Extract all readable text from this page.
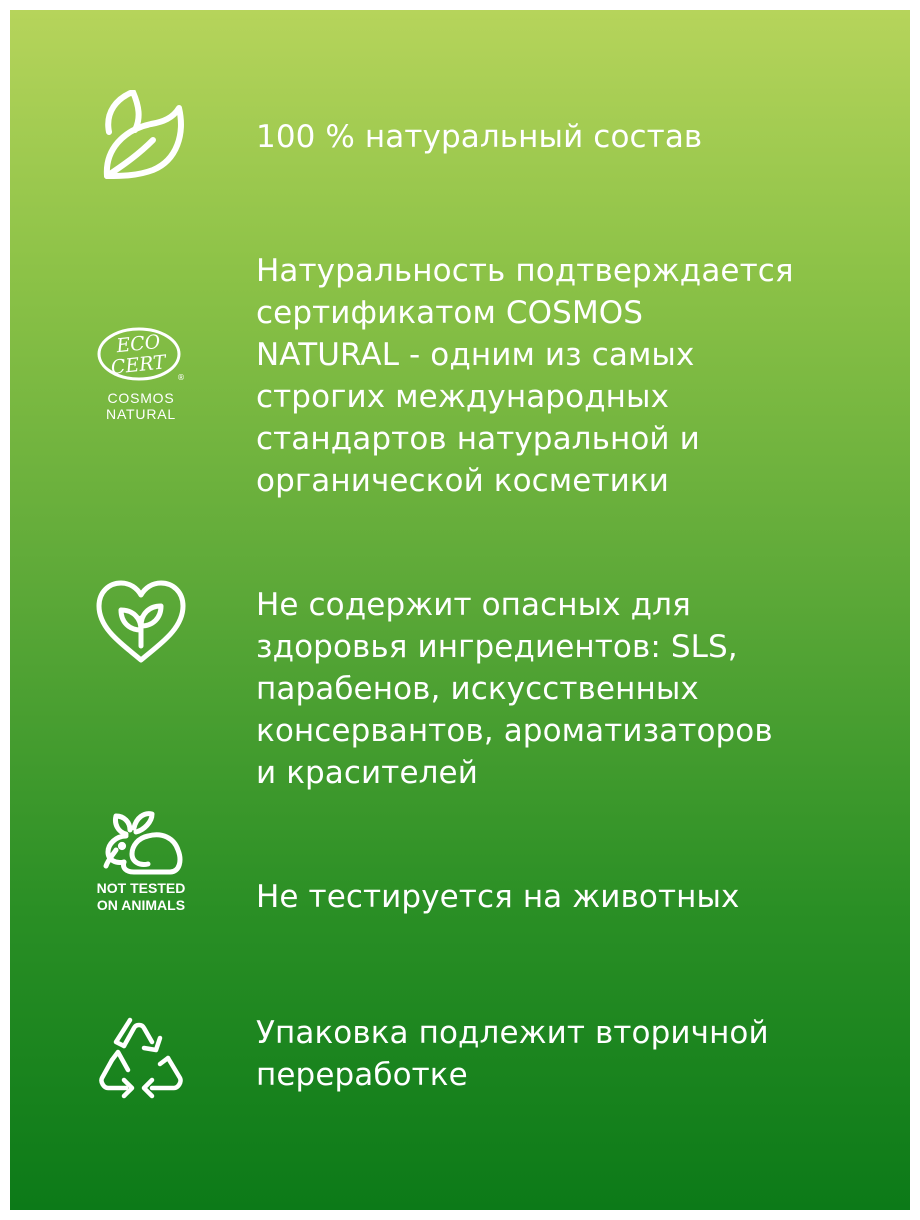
100 % натуральный состав
ECO
CERT ®
COSMOS
NATURAL
Натуральность подтверждается
сертификатом COSMOS
NATURAL - одним из самых
строгих международных
стандартов натуральной и
органической косметики
Не содержит опасных для
здоровья ингредиентов: SLS,
парабенов, искусственных
консервантов, ароматизаторов
и красителей
NOT TESTED
ON ANIMALS Не тестируется на животных
Упаковка подлежит вторичной
переработке
